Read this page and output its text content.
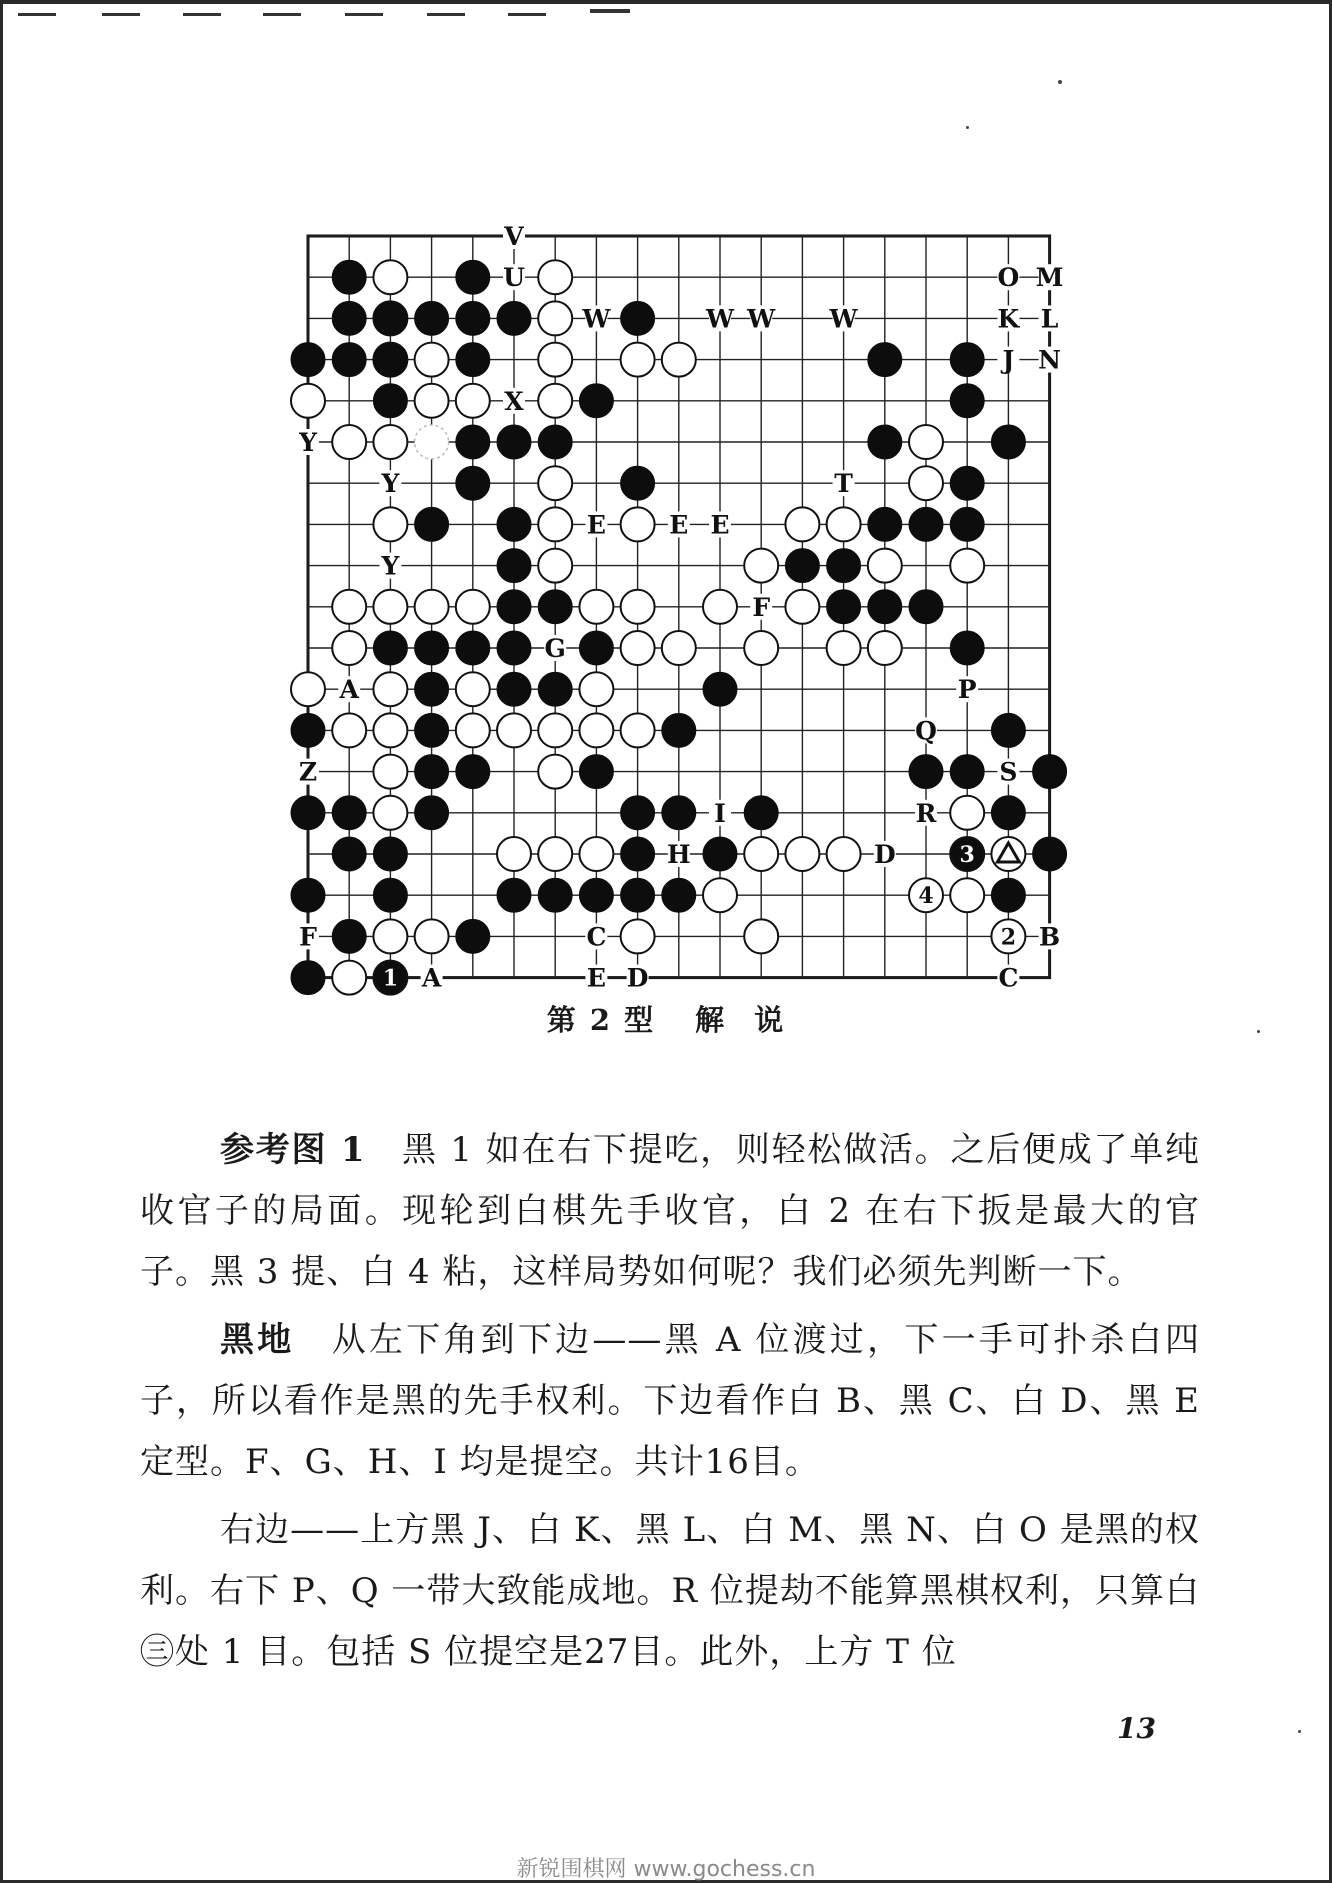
V
U	O M
W	W W W	K L
J N
X
Y
Y	T
E	E E
Y
F
G
A	P
Q
Z	S
I	R
H	D
F	C	B
A	E D	C
1
2
3
4
第 2 型 解 说

参考图 1　黑 1 如在右下提吃，则轻松做活。之后便成了单纯收官子的局面。现轮到白棋先手收官，白 2 在右下扳是最大的官子。黑 3 提、白 4 粘，这样局势如何呢？我们必须先判断一下。

黑地　从左下角到下边——黑 A 位渡过，下一手可扑杀白四子，所以看作是黑的先手权利。下边看作白 B、黑 C、白 D、黑 E 定型。F、G、H、I 均是提空。共计16目。

右边——上方黑 J、白 K、黑 L、白 M、黑 N、白 O 是黑的权利。右下 P、Q 一带大致能成地。R 位提劫不能算黑棋权利，只算白㊂处 1 目。包括 S 位提空是27目。此外，上方 T 位

13
新锐围棋网 www.gochess.cn
